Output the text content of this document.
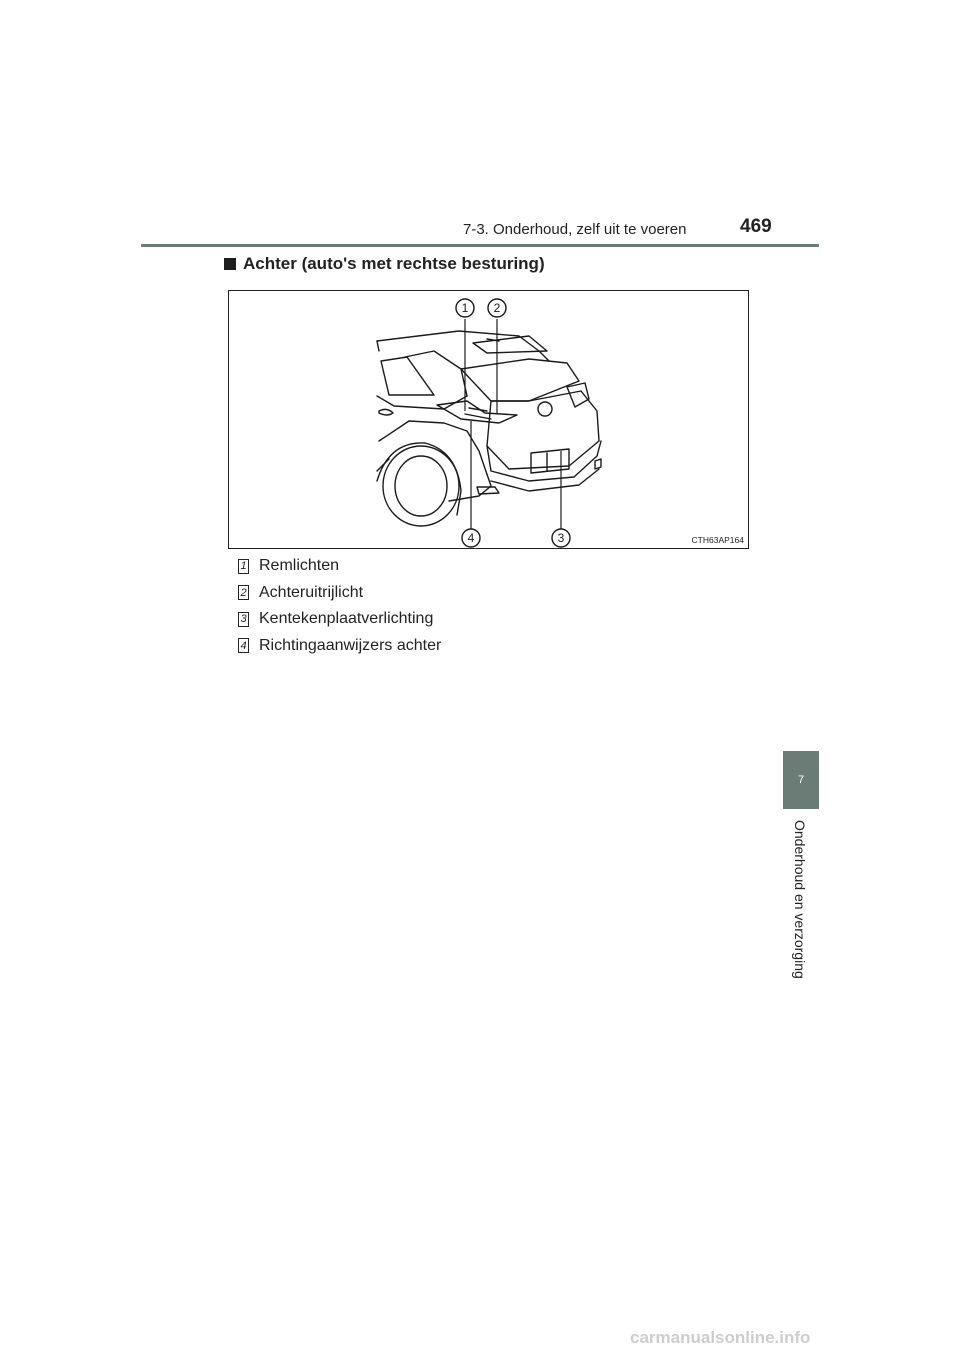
7-3. Onderhoud, zelf uit te voeren	469
Achter (auto's met rechtse besturing)
1 2
3
4	CTH63AP164
1 Remlichten
2 Achteruitrijlicht
3 Kentekenplaatverlichting
4 Richtingaanwijzers achter
7
Onderhoud en verzorging
carmanualsonline.info
